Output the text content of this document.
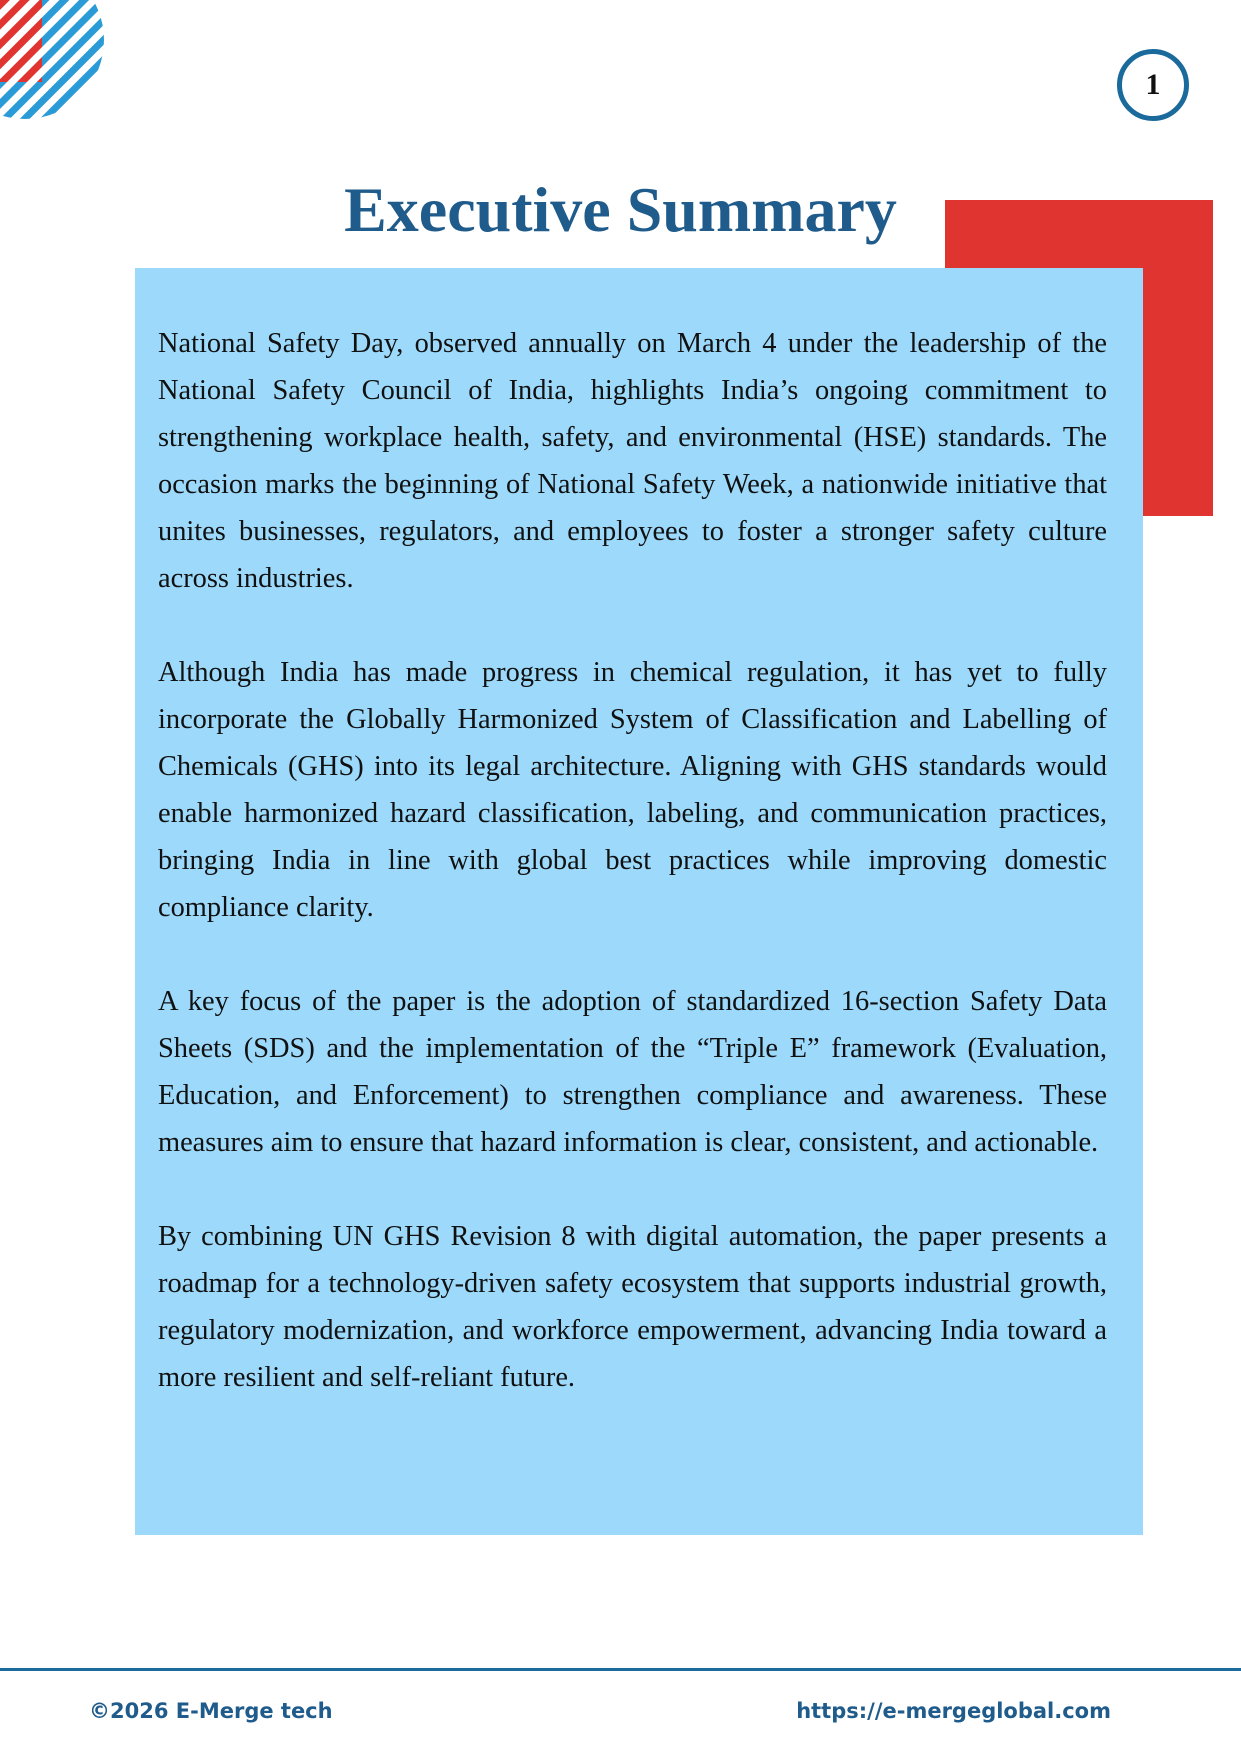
1
Executive Summary

National Safety Day, observed annually on March 4 under the leadership of the National Safety Council of India, highlights India’s ongoing commitment to strengthening workplace health, safety, and environmental (HSE) standards. The occasion marks the beginning of National Safety Week, a nationwide initiative that unites businesses, regulators, and employees to foster a stronger safety culture across industries.

Although India has made progress in chemical regulation, it has yet to fully incorporate the Globally Harmonized System of Classification and Labelling of Chemicals (GHS) into its legal architecture. Aligning with GHS standards would enable harmonized hazard classification, labeling, and communication practices, bringing India in line with global best practices while improving domestic compliance clarity.

A key focus of the paper is the adoption of standardized 16-section Safety Data Sheets (SDS) and the implementation of the “Triple E” framework (Evaluation, Education, and Enforcement) to strengthen compliance and awareness. These measures aim to ensure that hazard information is clear, consistent, and actionable.

By combining UN GHS Revision 8 with digital automation, the paper presents a roadmap for a technology-driven safety ecosystem that supports industrial growth, regulatory modernization, and workforce empowerment, advancing India toward a more resilient and self-reliant future.

©2026 E-Merge tech	https://e-mergeglobal.com
